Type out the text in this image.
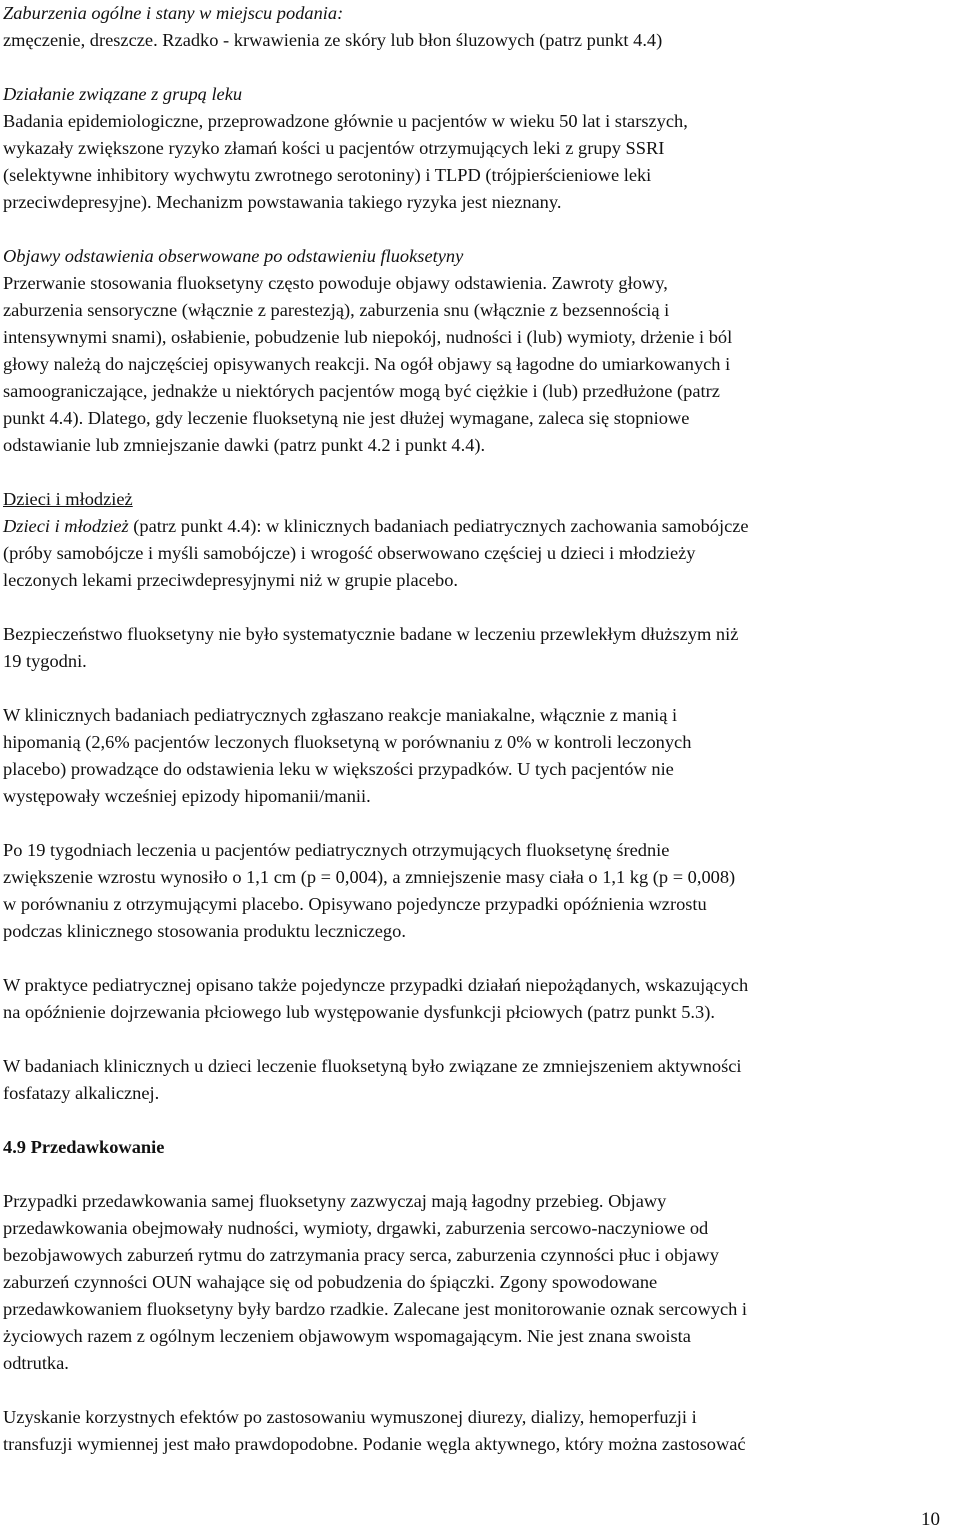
Zaburzenia ogólne i stany w miejscu podania:
zmęczenie, dreszcze. Rzadko - krwawienia ze skóry lub błon śluzowych (patrz punkt 4.4)

Działanie związane z grupą leku
Badania epidemiologiczne, przeprowadzone głównie u pacjentów w wieku 50 lat i starszych,
wykazały zwiększone ryzyko złamań kości u pacjentów otrzymujących leki z grupy SSRI
(selektywne inhibitory wychwytu zwrotnego serotoniny) i TLPD (trójpierścieniowe leki
przeciwdepresyjne). Mechanizm powstawania takiego ryzyka jest nieznany.

Objawy odstawienia obserwowane po odstawieniu fluoksetyny
Przerwanie stosowania fluoksetyny często powoduje objawy odstawienia. Zawroty głowy,
zaburzenia sensoryczne (włącznie z parestezją), zaburzenia snu (włącznie z bezsennością i
intensywnymi snami), osłabienie, pobudzenie lub niepokój, nudności i (lub) wymioty, drżenie i ból
głowy należą do najczęściej opisywanych reakcji. Na ogół objawy są łagodne do umiarkowanych i
samoograniczające, jednakże u niektórych pacjentów mogą być ciężkie i (lub) przedłużone (patrz
punkt 4.4). Dlatego, gdy leczenie fluoksetyną nie jest dłużej wymagane, zaleca się stopniowe
odstawianie lub zmniejszanie dawki (patrz punkt 4.2 i punkt 4.4).

Dzieci i młodzież
Dzieci i młodzież (patrz punkt 4.4): w klinicznych badaniach pediatrycznych zachowania samobójcze
(próby samobójcze i myśli samobójcze) i wrogość obserwowano częściej u dzieci i młodzieży
leczonych lekami przeciwdepresyjnymi niż w grupie placebo.

Bezpieczeństwo fluoksetyny nie było systematycznie badane w leczeniu przewlekłym dłuższym niż
19 tygodni.

W klinicznych badaniach pediatrycznych zgłaszano reakcje maniakalne, włącznie z manią i
hipomanią (2,6% pacjentów leczonych fluoksetyną w porównaniu z 0% w kontroli leczonych
placebo) prowadzące do odstawienia leku w większości przypadków. U tych pacjentów nie
występowały wcześniej epizody hipomanii/manii.

Po 19 tygodniach leczenia u pacjentów pediatrycznych otrzymujących fluoksetynę średnie
zwiększenie wzrostu wynosiło o 1,1 cm (p = 0,004), a zmniejszenie masy ciała o 1,1 kg (p = 0,008)
w porównaniu z otrzymującymi placebo. Opisywano pojedyncze przypadki opóźnienia wzrostu
podczas klinicznego stosowania produktu leczniczego.

W praktyce pediatrycznej opisano także pojedyncze przypadki działań niepożądanych, wskazujących
na opóźnienie dojrzewania płciowego lub występowanie dysfunkcji płciowych (patrz punkt 5.3).

W badaniach klinicznych u dzieci leczenie fluoksetyną było związane ze zmniejszeniem aktywności
fosfatazy alkalicznej.

4.9 Przedawkowanie

Przypadki przedawkowania samej fluoksetyny zazwyczaj mają łagodny przebieg. Objawy
przedawkowania obejmowały nudności, wymioty, drgawki, zaburzenia sercowo-naczyniowe od
bezobjawowych zaburzeń rytmu do zatrzymania pracy serca, zaburzenia czynności płuc i objawy
zaburzeń czynności OUN wahające się od pobudzenia do śpiączki. Zgony spowodowane
przedawkowaniem fluoksetyny były bardzo rzadkie. Zalecane jest monitorowanie oznak sercowych i
życiowych razem z ogólnym leczeniem objawowym wspomagającym. Nie jest znana swoista
odtrutka.

Uzyskanie korzystnych efektów po zastosowaniu wymuszonej diurezy, dializy, hemoperfuzji i
transfuzji wymiennej jest mało prawdopodobne. Podanie węgla aktywnego, który można zastosować

10
